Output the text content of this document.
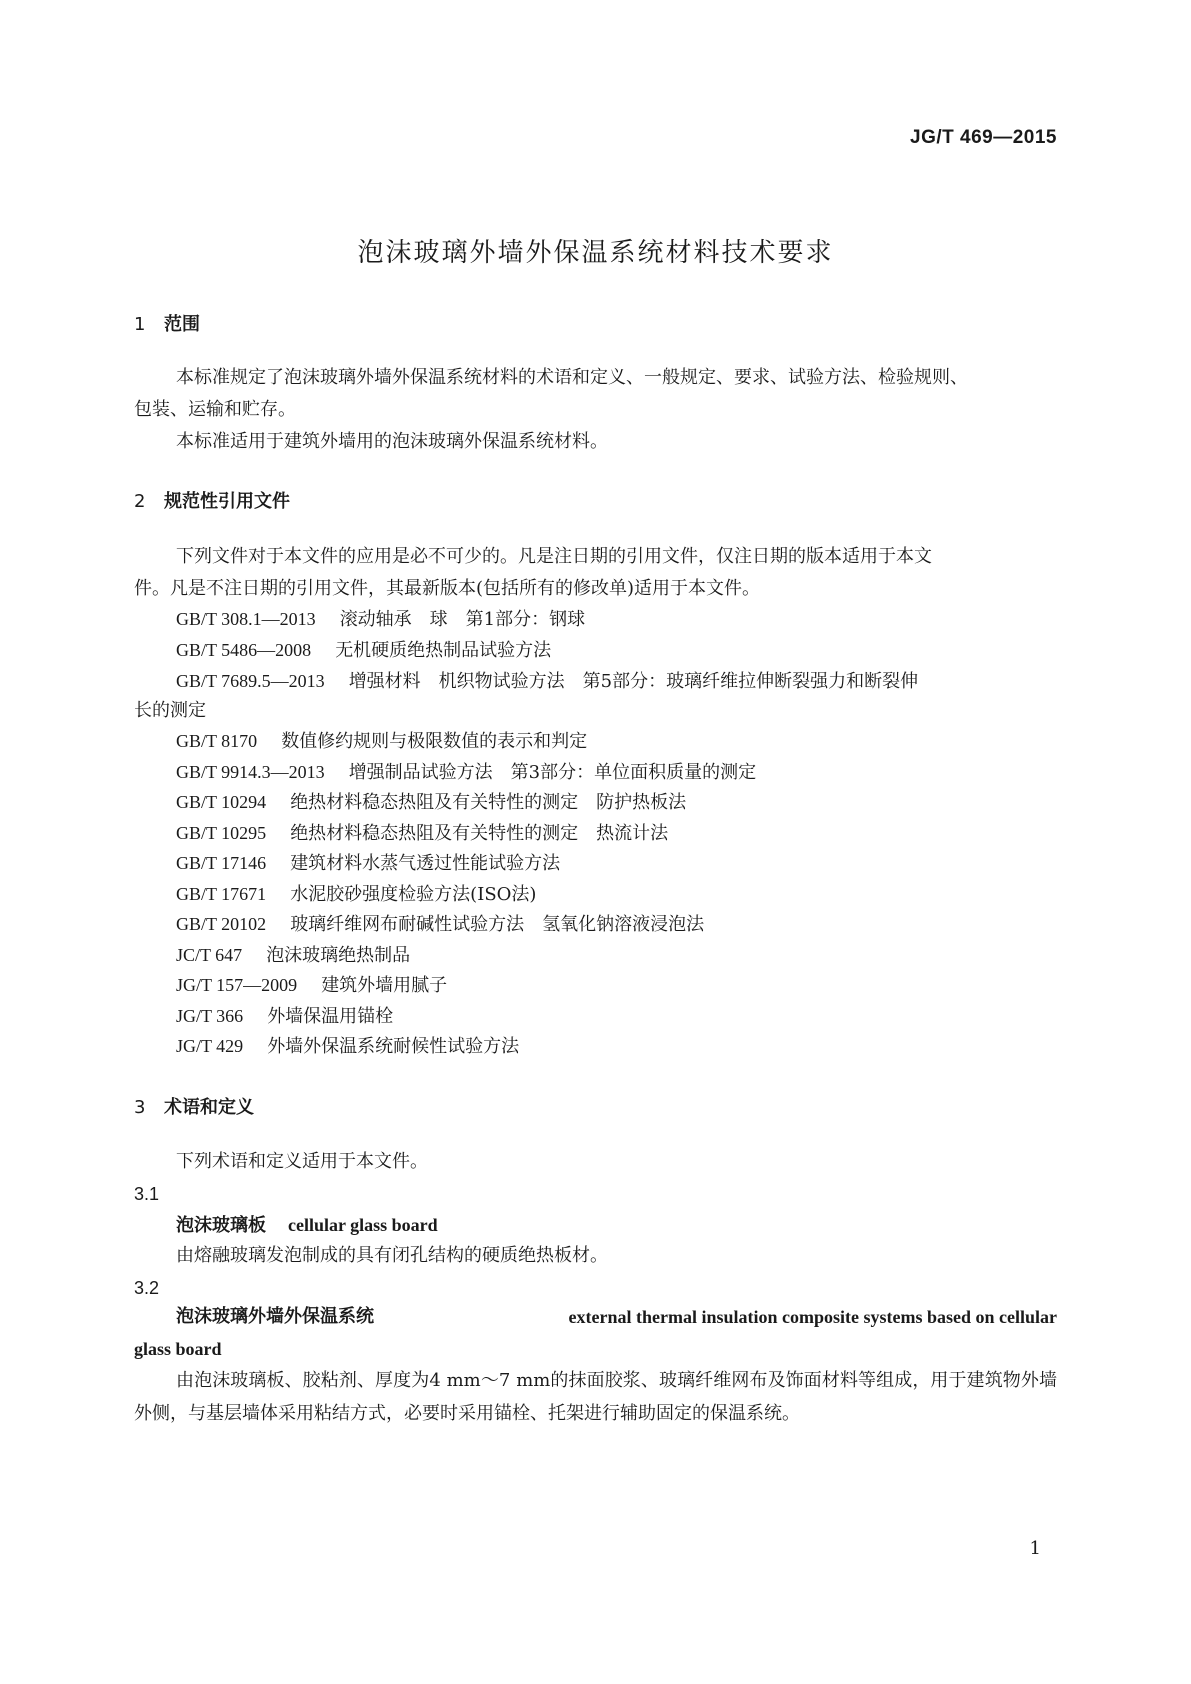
JG/T 469—2015
泡沫玻璃外墙外保温系统材料技术要求
1 范围
本标准规定了泡沫玻璃外墙外保温系统材料的术语和定义、一般规定、要求、试验方法、检验规则、
包装、运输和贮存。
本标准适用于建筑外墙用的泡沫玻璃外保温系统材料。
2 规范性引用文件
下列文件对于本文件的应用是必不可少的。凡是注日期的引用文件，仅注日期的版本适用于本文
件。凡是不注日期的引用文件，其最新版本(包括所有的修改单)适用于本文件。
GB/T 308.1—2013 滚动轴承　球　第1部分：钢球
GB/T 5486—2008 无机硬质绝热制品试验方法
GB/T 7689.5—2013 增强材料　机织物试验方法　第5部分：玻璃纤维拉伸断裂强力和断裂伸
长的测定
GB/T 8170 数值修约规则与极限数值的表示和判定
GB/T 9914.3—2013 增强制品试验方法　第3部分：单位面积质量的测定
GB/T 10294 绝热材料稳态热阻及有关特性的测定　防护热板法
GB/T 10295 绝热材料稳态热阻及有关特性的测定　热流计法
GB/T 17146 建筑材料水蒸气透过性能试验方法
GB/T 17671 水泥胶砂强度检验方法(ISO法)
GB/T 20102 玻璃纤维网布耐碱性试验方法　氢氧化钠溶液浸泡法
JC/T 647 泡沫玻璃绝热制品
JG/T 157—2009 建筑外墙用腻子
JG/T 366 外墙保温用锚栓
JG/T 429 外墙外保温系统耐候性试验方法
3 术语和定义
下列术语和定义适用于本文件。
3.1
泡沫玻璃板 cellular glass board
由熔融玻璃发泡制成的具有闭孔结构的硬质绝热板材。
3.2
泡沫玻璃外墙外保温系统	external thermal insulation composite systems based on cellular
glass board
由泡沫玻璃板、胶粘剂、厚度为4 mm～7 mm的抹面胶浆、玻璃纤维网布及饰面材料等组成，用于建筑物外墙外侧，与基层墙体采用粘结方式，必要时采用锚栓、托架进行辅助固定的保温系统。
1
